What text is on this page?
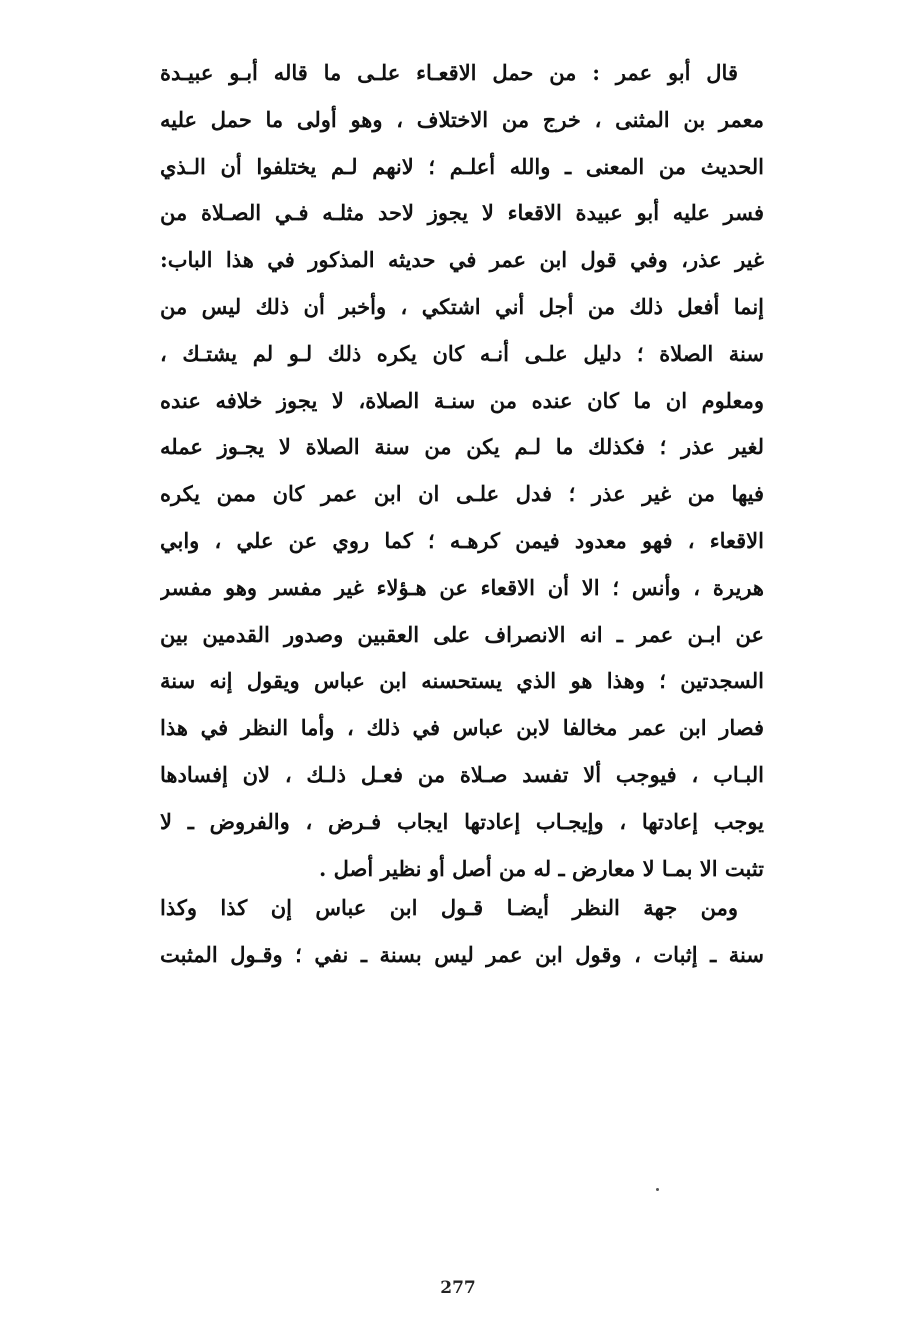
قال أبو عمر : من حمل الاقعـاء علـى ما قاله أبـو عبيـدة
معمر بن المثنى ، خرج من الاختلاف ، وهو أولى ما حمل عليه
الحديث من المعنى ـ والله أعلـم ؛ لانهم لـم يختلفوا أن الـذي
فسر عليه أبو عبيدة الاقعاء لا يجوز لاحد مثلـه فـي الصـلاة من
غير عذر، وفي قول ابن عمر في حديثه المذكور في هذا الباب:
إنما أفعل ذلك من أجل أني اشتكي ، وأخبر أن ذلك ليس من
سنة الصلاة ؛ دليل علـى أنـه كان يكره ذلك لـو لم يشتـك ،
ومعلوم ان ما كان عنده من سنـة الصلاة، لا يجوز خلافه عنده
لغير عذر ؛ فكذلك ما لـم يكن من سنة الصلاة لا يجـوز عمله
فيها من غير عذر ؛ فدل علـى ان ابن عمر كان ممن يكره
الاقعاء ، فهو معدود فيمن كرهـه ؛ كما روي عن علي ، وابي
هريرة ، وأنس ؛ الا أن الاقعاء عن هـؤلاء غير مفسر وهو مفسر
عن ابـن عمر ـ انه الانصراف على العقبين وصدور القدمين بين
السجدتين ؛ وهذا هو الذي يستحسنه ابن عباس ويقول إنه سنة
فصار ابن عمر مخالفا لابن عباس في ذلك ، وأما النظر في هذا
البـاب ، فيوجب ألا تفسد صـلاة من فعـل ذلـك ، لان إفسادها
يوجب إعادتها ، وإيجـاب إعادتها ايجاب فـرض ، والفروض ـ لا
تثبت الا بمـا لا معارض ـ له من أصل أو نظير أصل .
ومن جهة النظر أيضـا قـول ابن عباس إن كذا وكذا
سنة ـ إثبات ، وقول ابن عمر ليس بسنة ـ نفي ؛ وقـول المثبت
277
